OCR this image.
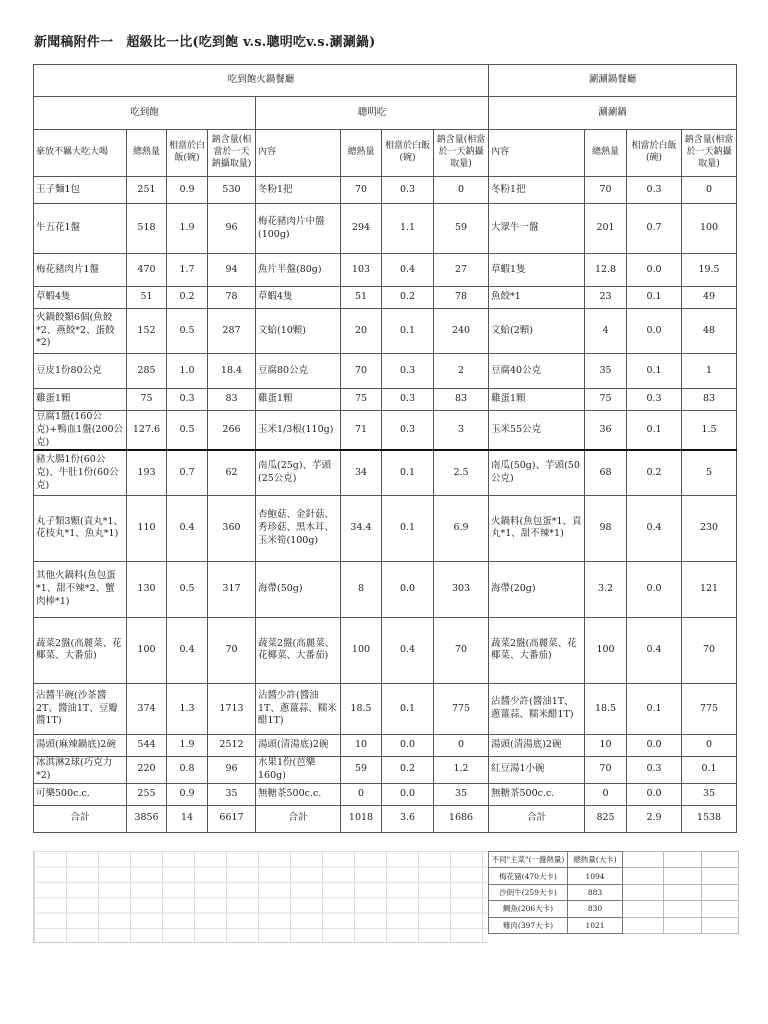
新聞稿附件一　超級比一比(吃到飽 v.s.聰明吃v.s.涮涮鍋)
吃到飽火鍋餐廳								涮涮鍋餐廳			
吃到飽				聰明吃				涮涮鍋			
豪放不羈大吃大喝	總熱量	相當於白飯(碗)	鈉含量(相當於一天鈉攝取量)	內容	總熱量	相當於白飯(碗)	鈉含量(相當於一天鈉攝取量)	內容	總熱量	相當於白飯(碗)	鈉含量(相當於一天鈉攝取量)
王子麵1包	251	0.9	530	冬粉1把	70	0.3	0	冬粉1把	70	0.3	0
牛五花1盤	518	1.9	96	梅花豬肉片中盤(100g)	294	1.1	59	大眾牛一盤	201	0.7	100
梅花豬肉片1盤	470	1.7	94	魚片半盤(80g)	103	0.4	27	草蝦1隻	12.8	0.0	19.5
草蝦4隻	51	0.2	78	草蝦4隻	51	0.2	78	魚餃*1	23	0.1	49
火鍋餃類6個(魚餃*2、燕餃*2、蛋餃*2)	152	0.5	287	文蛤(10顆)	20	0.1	240	文蛤(2顆)	4	0.0	48
豆皮1份80公克	285	1.0	18.4	豆腐80公克	70	0.3	2	豆腐40公克	35	0.1	1
雞蛋1顆	75	0.3	83	雞蛋1顆	75	0.3	83	雞蛋1顆	75	0.3	83
豆腐1盤(160公克)+鴨血1盤(200公克)	127.6	0.5	266	玉米1/3根(110g)	71	0.3	3	玉米55公克	36	0.1	1.5
豬大腸1份(60公克)、牛肚1份(60公克)	193	0.7	62	南瓜(25g)、芋頭(25公克)	34	0.1	2.5	南瓜(50g)、芋頭(50公克)	68	0.2	5
丸子類3顆(貢丸*1、花枝丸*1、魚丸*1)	110	0.4	360	杏鮑菇、金針菇、秀珍菇、黑木耳、玉米筍(100g)	34.4	0.1	6.9	火鍋料(魚包蛋*1、貢丸*1、甜不辣*1)	98	0.4	230
其他火鍋料(魚包蛋*1、甜不辣*2、蟹肉棒*1)	130	0.5	317	海帶(50g)	8	0.0	303	海帶(20g)	3.2	0.0	121
蔬菜2盤(高麗菜、花椰菜、大番茄)	100	0.4	70	蔬菜2盤(高麗菜、花椰菜、大番茄)	100	0.4	70	蔬菜2盤(高麗菜、花椰菜、大番茄)	100	0.4	70
沾醬半碗(沙茶醬2T、醬油1T、豆瓣醬1T)	374	1.3	1713	沾醬少許(醬油1T、蔥薑蒜、糯米醋1T)	18.5	0.1	775	沾醬少許(醬油1T、蔥薑蒜、糯米醋1T)	18.5	0.1	775
湯頭(麻辣鍋底)2碗	544	1.9	2512	湯頭(清湯底)2碗	10	0.0	0	湯頭(清湯底)2碗	10	0.0	0
冰淇淋2球(巧克力*2)	220	0.8	96	水果1份(芭樂160g)	59	0.2	1.2	紅豆湯1小碗	70	0.3	0.1
可樂500c.c.	255	0.9	35	無糖茶500c.c.	0	0.0	35	無糖茶500c.c.	0	0.0	35
合計	3856	14	6617	合計	1018	3.6	1686	合計	825	2.9	1538
不同"主菜"(一盤熱量)	總熱量(大卡)			
梅花豬(470大卡)	1094			
沙朗牛(259大卡)	883			
鯛魚(206大卡)	830			
雞肉(397大卡)	1021			
